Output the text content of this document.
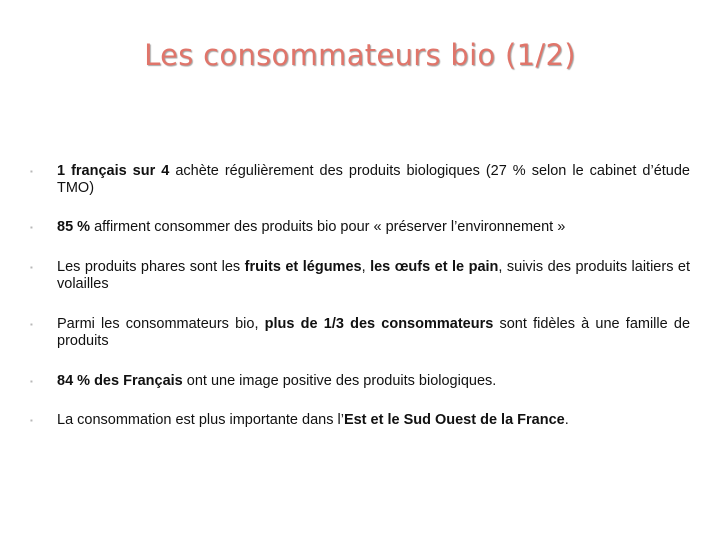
Les consommateurs bio (1/2)
▪	1 français sur 4 achète régulièrement des produits biologiques (27 % selon le cabinet d’étude TMO)
▪	85 % affirment consommer des produits bio pour « préserver l’environnement »
▪	Les produits phares sont les fruits et légumes, les œufs et le pain, suivis des produits laitiers et volailles
▪	Parmi les consommateurs bio, plus de 1/3 des consommateurs sont fidèles à une famille de produits
▪	84 % des Français ont une image positive des produits biologiques.
▪	La consommation est plus importante dans l’Est et le Sud Ouest de la France.
